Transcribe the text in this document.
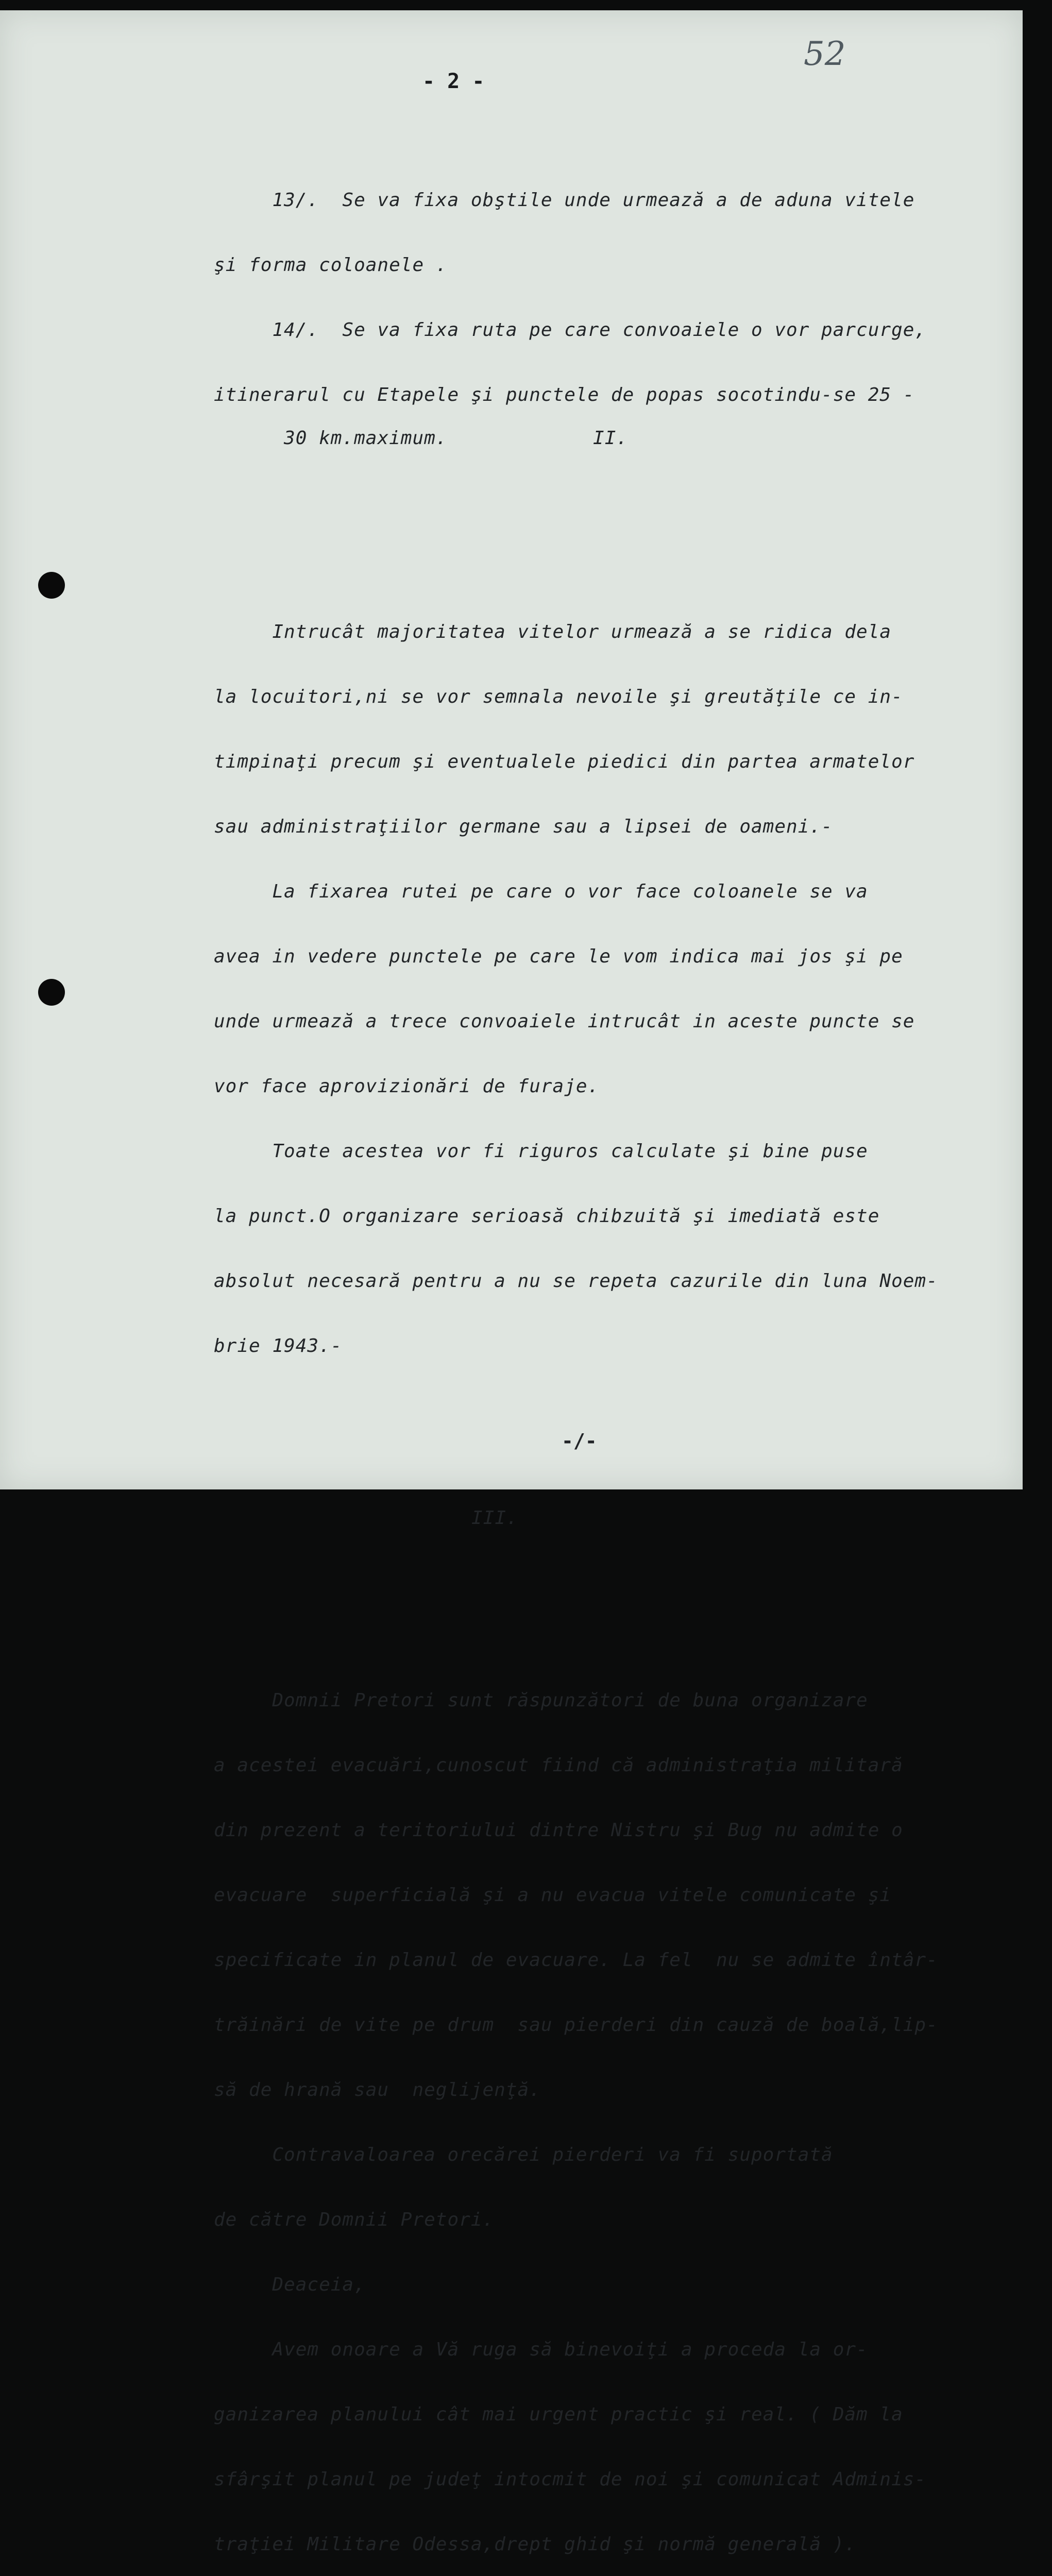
52
- 2 -

13/.  Se va fixa obştile unde urmează a de aduna vitele

şi forma coloanele .

14/.  Se va fixa ruta pe care convoaiele o vor parcurge,

itinerarul cu Etapele şi punctele de popas socotindu-se 25 -

30 km.maximum.	II.

Intrucât majoritatea vitelor urmează a se ridica dela

la locuitori,ni se vor semnala nevoile şi greutăţile ce in-

timpinaţi precum şi eventualele piedici din partea armatelor

sau administraţiilor germane sau a lipsei de oameni.-

La fixarea rutei pe care o vor face coloanele se va

avea in vedere punctele pe care le vom indica mai jos şi pe

unde urmează a trece convoaiele intrucât in aceste puncte se

vor face aprovizionări de furaje.

Toate acestea vor fi riguros calculate şi bine puse

la punct.O organizare serioasă chibzuită şi imediată este

absolut necesară pentru a nu se repeta cazurile din luna Noem-

brie 1943.-

III.

Domnii Pretori sunt răspunzători de buna organizare

a acestei evacuări,cunoscut fiind că administraţia militară

din prezent a teritoriului dintre Nistru şi Bug nu admite o

evacuare  superficială şi a nu evacua vitele comunicate şi

specificate in planul de evacuare. La fel  nu se admite întâr-

trăinări de vite pe drum  sau pierderi din cauză de boală,lip-

să de hrană sau  neglijenţă.

Contravaloarea orecărei pierderi va fi suportată

de către Domnii Pretori.

Deaceia,

Avem onoare a Vă ruga să binevoiţi a proceda la or-

ganizarea planului cât mai urgent practic şi real. ( Dăm la

sfârşit planul pe judeţ intocmit de noi şi comunicat Adminis-

traţiei Militare Odessa,drept ghid şi normă generală ).

-/-
